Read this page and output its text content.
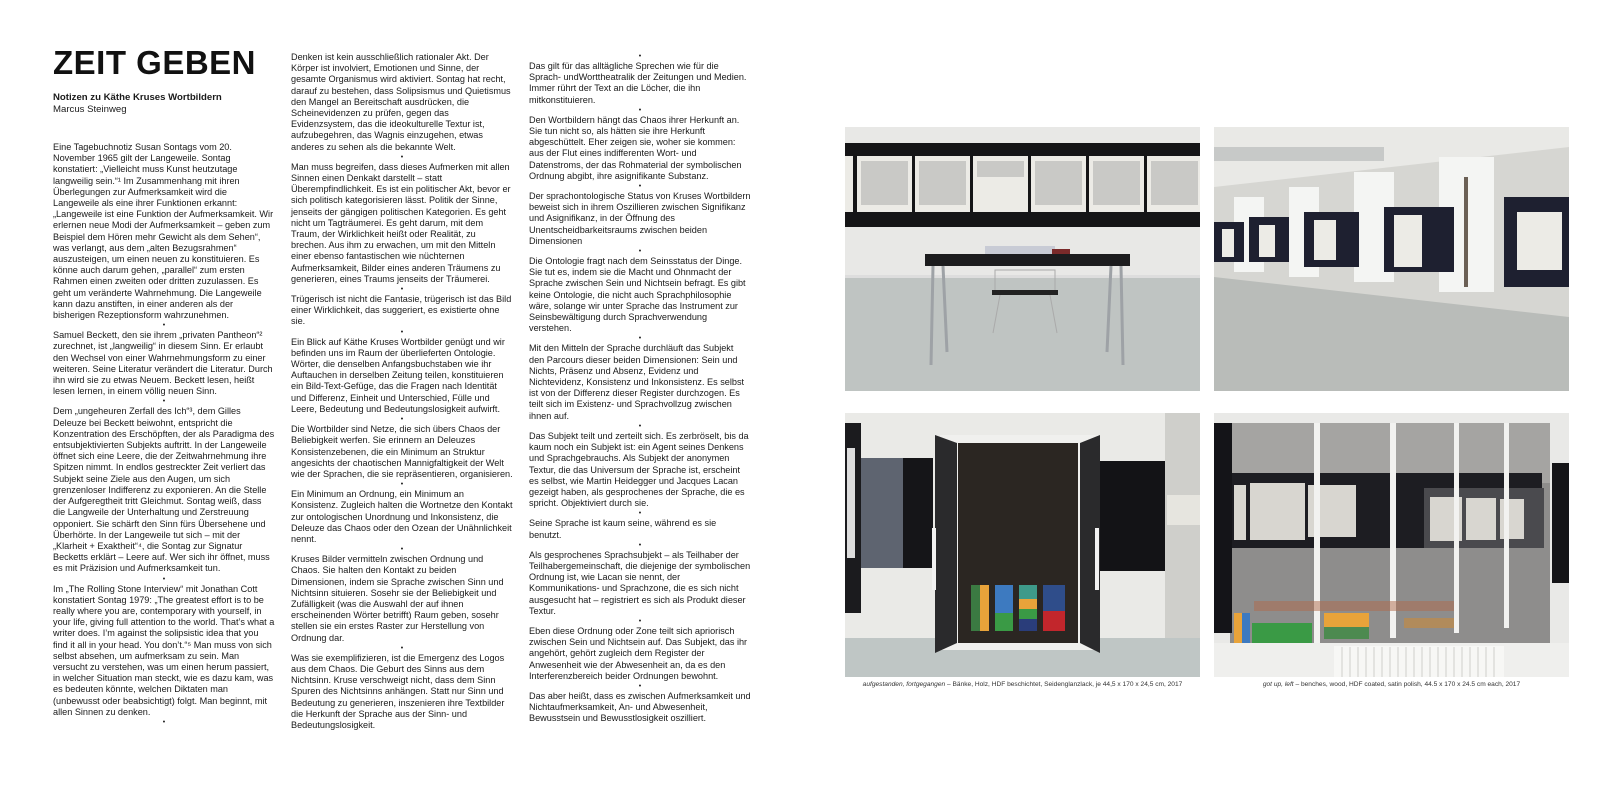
ZEIT GEBEN
Notizen zu Käthe Kruses Wortbildern
Marcus Steinweg

Eine Tagebuchnotiz Susan Sontags vom 20. November 1965 gilt der Langeweile. Sontag konstatiert: „Vielleicht muss Kunst heutzutage langweilig sein.“¹ Im Zusammenhang mit ihren Überlegungen zur Aufmerksamkeit wird die Langeweile als eine ihrer Funktionen erkannt: „Langeweile ist eine Funktion der Aufmerksamkeit. Wir erlernen neue Modi der Aufmerksamkeit – geben zum Beispiel dem Hören mehr Gewicht als dem Sehen“, was verlangt, aus dem „alten Bezugsrahmen“ auszusteigen, um einen neuen zu konstituieren. Es könne auch darum gehen, „parallel“ zum ersten Rahmen einen zweiten oder dritten zuzulassen. Es geht um veränderte Wahrnehmung. Die Langeweile kann dazu anstiften, in einer anderen als der bisherigen Rezeptionsform wahrzunehmen.

•

Samuel Beckett, den sie ihrem „privaten Pantheon“² zurechnet, ist „langweilig“ in diesem Sinn. Er erlaubt den Wechsel von einer Wahrnehmungsform zu einer weiteren. Seine Literatur verändert die Literatur. Durch ihn wird sie zu etwas Neuem. Beckett lesen, heißt lesen lernen, in einem völlig neuen Sinn.

•

Dem „ungeheuren Zerfall des Ich“³, dem Gilles Deleuze bei Beckett beiwohnt, entspricht die Konzentration des Erschöpften, der als Paradigma des entsubjektivierten Subjekts auftritt. In der Langeweile öffnet sich eine Leere, die der Zeitwahrnehmung ihre Spitzen nimmt. In endlos gestreckter Zeit verliert das Subjekt seine Ziele aus den Augen, um sich grenzenloser Indifferenz zu exponieren. An die Stelle der Aufgeregtheit tritt Gleichmut. Sontag weiß, dass die Langweile der Unterhaltung und Zerstreuung opponiert. Sie schärft den Sinn fürs Übersehene und Überhörte. In der Langeweile tut sich – mit der „Klarheit + Exaktheit“⁴, die Sontag zur Signatur Becketts erklärt – Leere auf. Wer sich ihr öffnet, muss es mit Präzision und Aufmerksamkeit tun.

•

Im „The Rolling Stone Interview“ mit Jonathan Cott konstatiert Sontag 1979: „The greatest effort is to be really where you are, contemporary with yourself, in your life, giving full attention to the world. That’s what a writer does. I’m against the solipsistic idea that you find it all in your head. You don’t.“⁵ Man muss von sich selbst absehen, um aufmerksam zu sein. Man versucht zu verstehen, was um einen herum passiert, in welcher Situation man steckt, wie es dazu kam, was es bedeuten könnte, welchen Diktaten man (unbewusst oder beabsichtigt) folgt. Man beginnt, mit allen Sinnen zu denken.

•

Denken ist kein ausschließlich rationaler Akt. Der Körper ist involviert, Emotionen und Sinne, der gesamte Organismus wird aktiviert. Sontag hat recht, darauf zu bestehen, dass Solipsismus und Quietismus den Mangel an Bereitschaft ausdrücken, die Scheinevidenzen zu prüfen, gegen das Evidenzsystem, das die ideokulturelle Textur ist, aufzubegehren, das Wagnis einzugehen, etwas anderes zu sehen als die bekannte Welt.

•

Man muss begreifen, dass dieses Aufmerken mit allen Sinnen einen Denkakt darstellt – statt Überempfindlichkeit. Es ist ein politischer Akt, bevor er sich politisch kategorisieren lässt. Politik der Sinne, jenseits der gängigen politischen Kategorien. Es geht nicht um Tagträumerei. Es geht darum, mit dem Traum, der Wirklichkeit heißt oder Realität, zu brechen. Aus ihm zu erwachen, um mit den Mitteln einer ebenso fantastischen wie nüchternen Aufmerksamkeit, Bilder eines anderen Träumens zu generieren, eines Traums jenseits der Träumerei.

•

Trügerisch ist nicht die Fantasie, trügerisch ist das Bild einer Wirklichkeit, das suggeriert, es existierte ohne sie.

•

Ein Blick auf Käthe Kruses Wortbilder genügt und wir befinden uns im Raum der überlieferten Ontologie. Wörter, die denselben Anfangsbuchstaben wie ihr Auftauchen in derselben Zeitung teilen, konstituieren ein Bild-Text-Gefüge, das die Fragen nach Identität und Differenz, Einheit und Unterschied, Fülle und Leere, Bedeutung und Bedeutungslosigkeit aufwirft.

•

Die Wortbilder sind Netze, die sich übers Chaos der Beliebigkeit werfen. Sie erinnern an Deleuzes Konsistenzebenen, die ein Minimum an Struktur angesichts der chaotischen Mannigfaltigkeit der Welt wie der Sprachen, die sie repräsentieren, organisieren.

•

Ein Minimum an Ordnung, ein Minimum an Konsistenz. Zugleich halten die Wortnetze den Kontakt zur ontologischen Unordnung und Inkonsistenz, die Deleuze das Chaos oder den Ozean der Unähnlichkeit nennt.

•

Kruses Bilder vermitteln zwischen Ordnung und Chaos. Sie halten den Kontakt zu beiden Dimensionen, indem sie Sprache zwischen Sinn und Nichtsinn situieren. Sosehr sie der Beliebigkeit und Zufälligkeit (was die Auswahl der auf ihnen erscheinenden Wörter betrifft) Raum geben, sosehr stellen sie ein erstes Raster zur Herstellung von Ordnung dar.

•

Was sie exemplifizieren, ist die Emergenz des Logos aus dem Chaos. Die Geburt des Sinns aus dem Nichtsinn. Kruse verschweigt nicht, dass dem Sinn Spuren des Nichtsinns anhängen. Statt nur Sinn und Bedeutung zu generieren, inszenieren ihre Textbilder die Herkunft der Sprache aus der Sinn- und Bedeutungslosigkeit.

•

Das gilt für das alltägliche Sprechen wie für die Sprach- undWorttheatralik der Zeitungen und Medien. Immer rührt der Text an die Löcher, die ihn mitkonstituieren.

•

Den Wortbildern hängt das Chaos ihrer Herkunft an. Sie tun nicht so, als hätten sie ihre Herkunft abgeschüttelt. Eher zeigen sie, woher sie kommen: aus der Flut eines indifferenten Wort- und Datenstroms, der das Rohmaterial der symbolischen Ordnung abgibt, ihre asignifikante Substanz.

•

Der sprachontologische Status von Kruses Wortbildern beweist sich in ihrem Oszillieren zwischen Signifikanz und Asignifikanz, in der Öffnung des Unentscheidbarkeitsraums zwischen beiden Dimensionen

•

Die Ontologie fragt nach dem Seinsstatus der Dinge. Sie tut es, indem sie die Macht und Ohnmacht der Sprache zwischen Sein und Nichtsein befragt. Es gibt keine Ontologie, die nicht auch Sprachphilosophie wäre, solange wir unter Sprache das Instrument zur Seinsbewältigung durch Sprachverwendung verstehen.

•

Mit den Mitteln der Sprache durchläuft das Subjekt den Parcours dieser beiden Dimensionen: Sein und Nichts, Präsenz und Absenz, Evidenz und Nichtevidenz, Konsistenz und Inkonsistenz. Es selbst ist von der Differenz dieser Register durchzogen. Es teilt sich im Existenz- und Sprachvollzug zwischen ihnen auf.

•

Das Subjekt teilt und zerteilt sich. Es zerbröselt, bis da kaum noch ein Subjekt ist: ein Agent seines Denkens und Sprachgebrauchs. Als Subjekt der anonymen Textur, die das Universum der Sprache ist, erscheint es selbst, wie Martin Heidegger und Jacques Lacan gezeigt haben, als gesprochenes der Sprache, die es spricht. Objektiviert durch sie.

•

Seine Sprache ist kaum seine, während es sie benutzt.

•

Als gesprochenes Sprachsubjekt – als Teilhaber der Teilhabergemeinschaft, die diejenige der symbolischen Ordnung ist, wie Lacan sie nennt, der Kommunikations- und Sprachzone, die es sich nicht ausgesucht hat – registriert es sich als Produkt dieser Textur.

•

Eben diese Ordnung oder Zone teilt sich apriorisch zwischen Sein und Nichtsein auf. Das Subjekt, das ihr angehört, gehört zugleich dem Register der Anwesenheit wie der Abwesenheit an, da es den Interferenzbereich beider Ordnungen bewohnt.

•

Das aber heißt, dass es zwischen Aufmerksamkeit und Nichtaufmerksamkeit, An- und Abwesenheit, Bewusstsein und Bewusstlosigkeit oszilliert.

aufgestanden, fortgegangen – Bänke, Holz, HDF beschichtet, Seidenglanzlack, je 44,5 x 170 x 24,5 cm, 2017	got up, left – benches, wood, HDF coated, satin polish, 44.5 x 170 x 24.5 cm each, 2017
